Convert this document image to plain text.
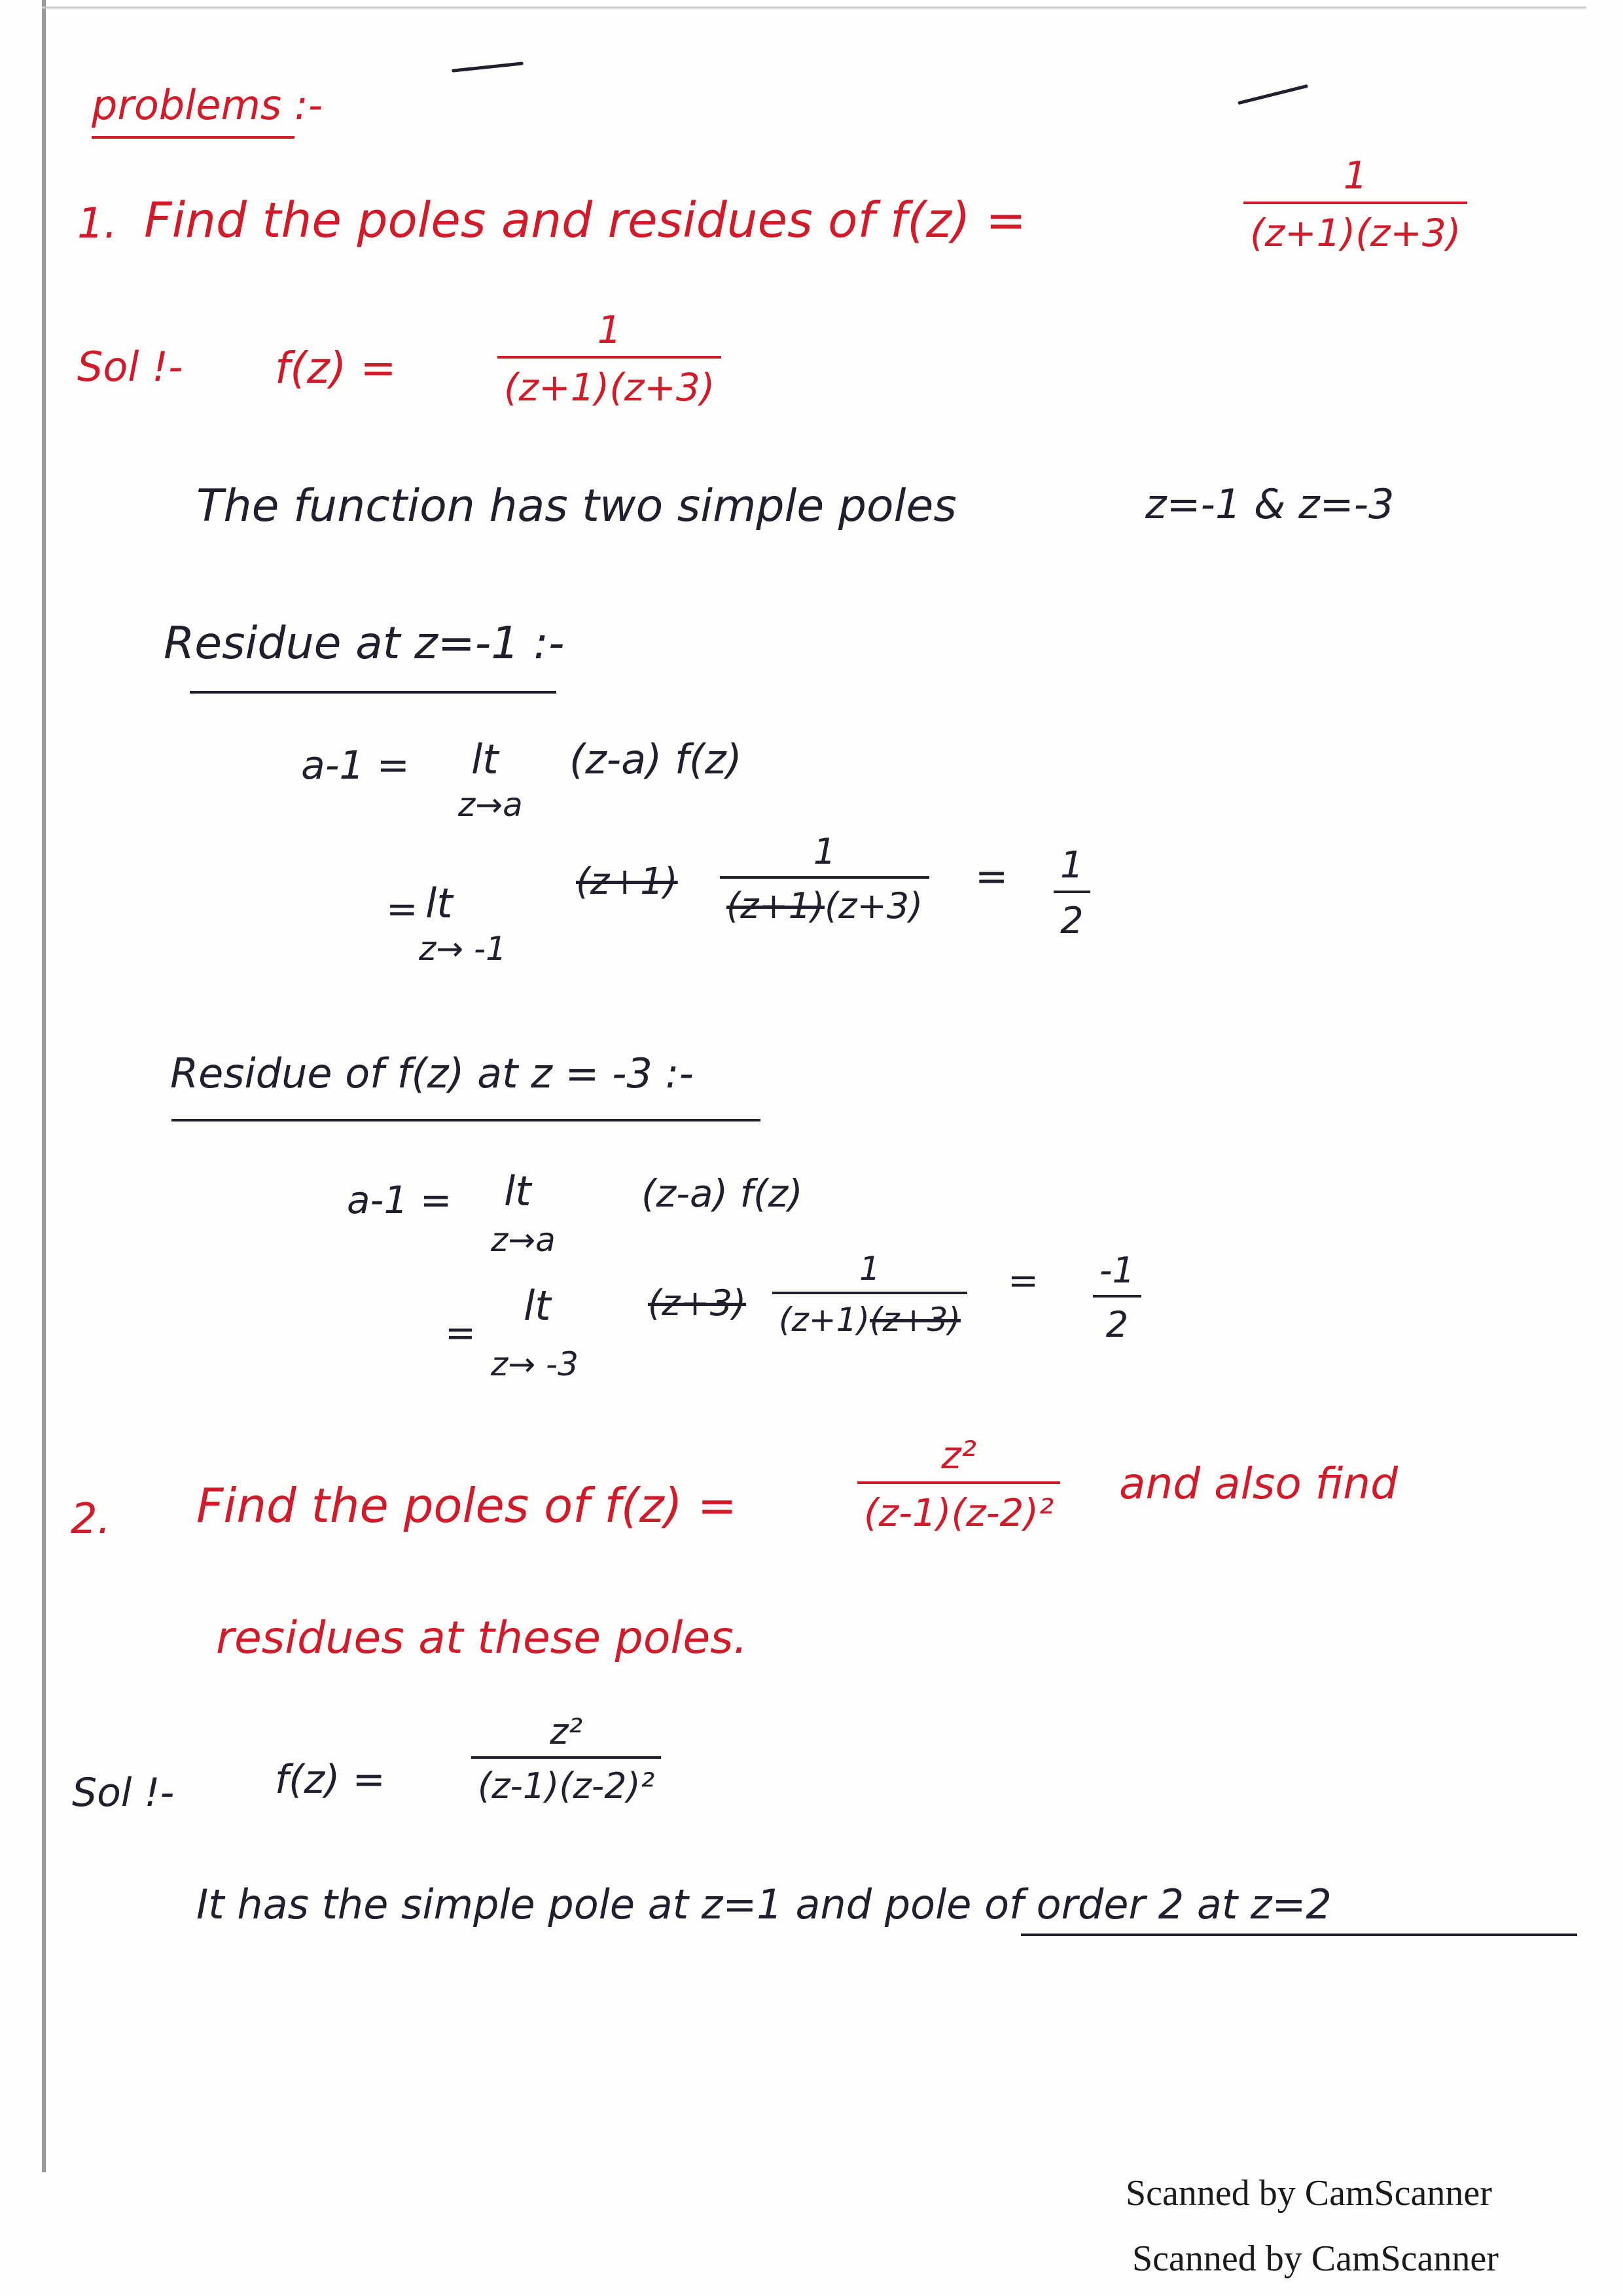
problems :-
1. Find the poles and residues of f(z) =
1
(z+1)(z+3)
Sol !- f(z) =
1
(z+1)(z+3)
The function has two simple poles	z=-1 & z=-3
Residue at z=-1 :-
a-1 = lt
z→a
(z-a) f(z)
= lt
z→ -1
(z+1)
1
(z+1)(z+3)
= 1
2
Residue of f(z) at z = -3 :-
a-1 = lt
z→a
(z-a) f(z)
=
lt
z→ -3
(z+3)
1
(z+1)(z+3)
= -1
2
2. Find the poles of f(z) =
z²
(z-1)(z-2)²
and also find
residues at these poles.
Sol !-	f(z) =
z²
(z-1)(z-2)²
It has the simple pole at z=1 and pole of order 2 at z=2
Scanned by CamScanner
Scanned by CamScanner
